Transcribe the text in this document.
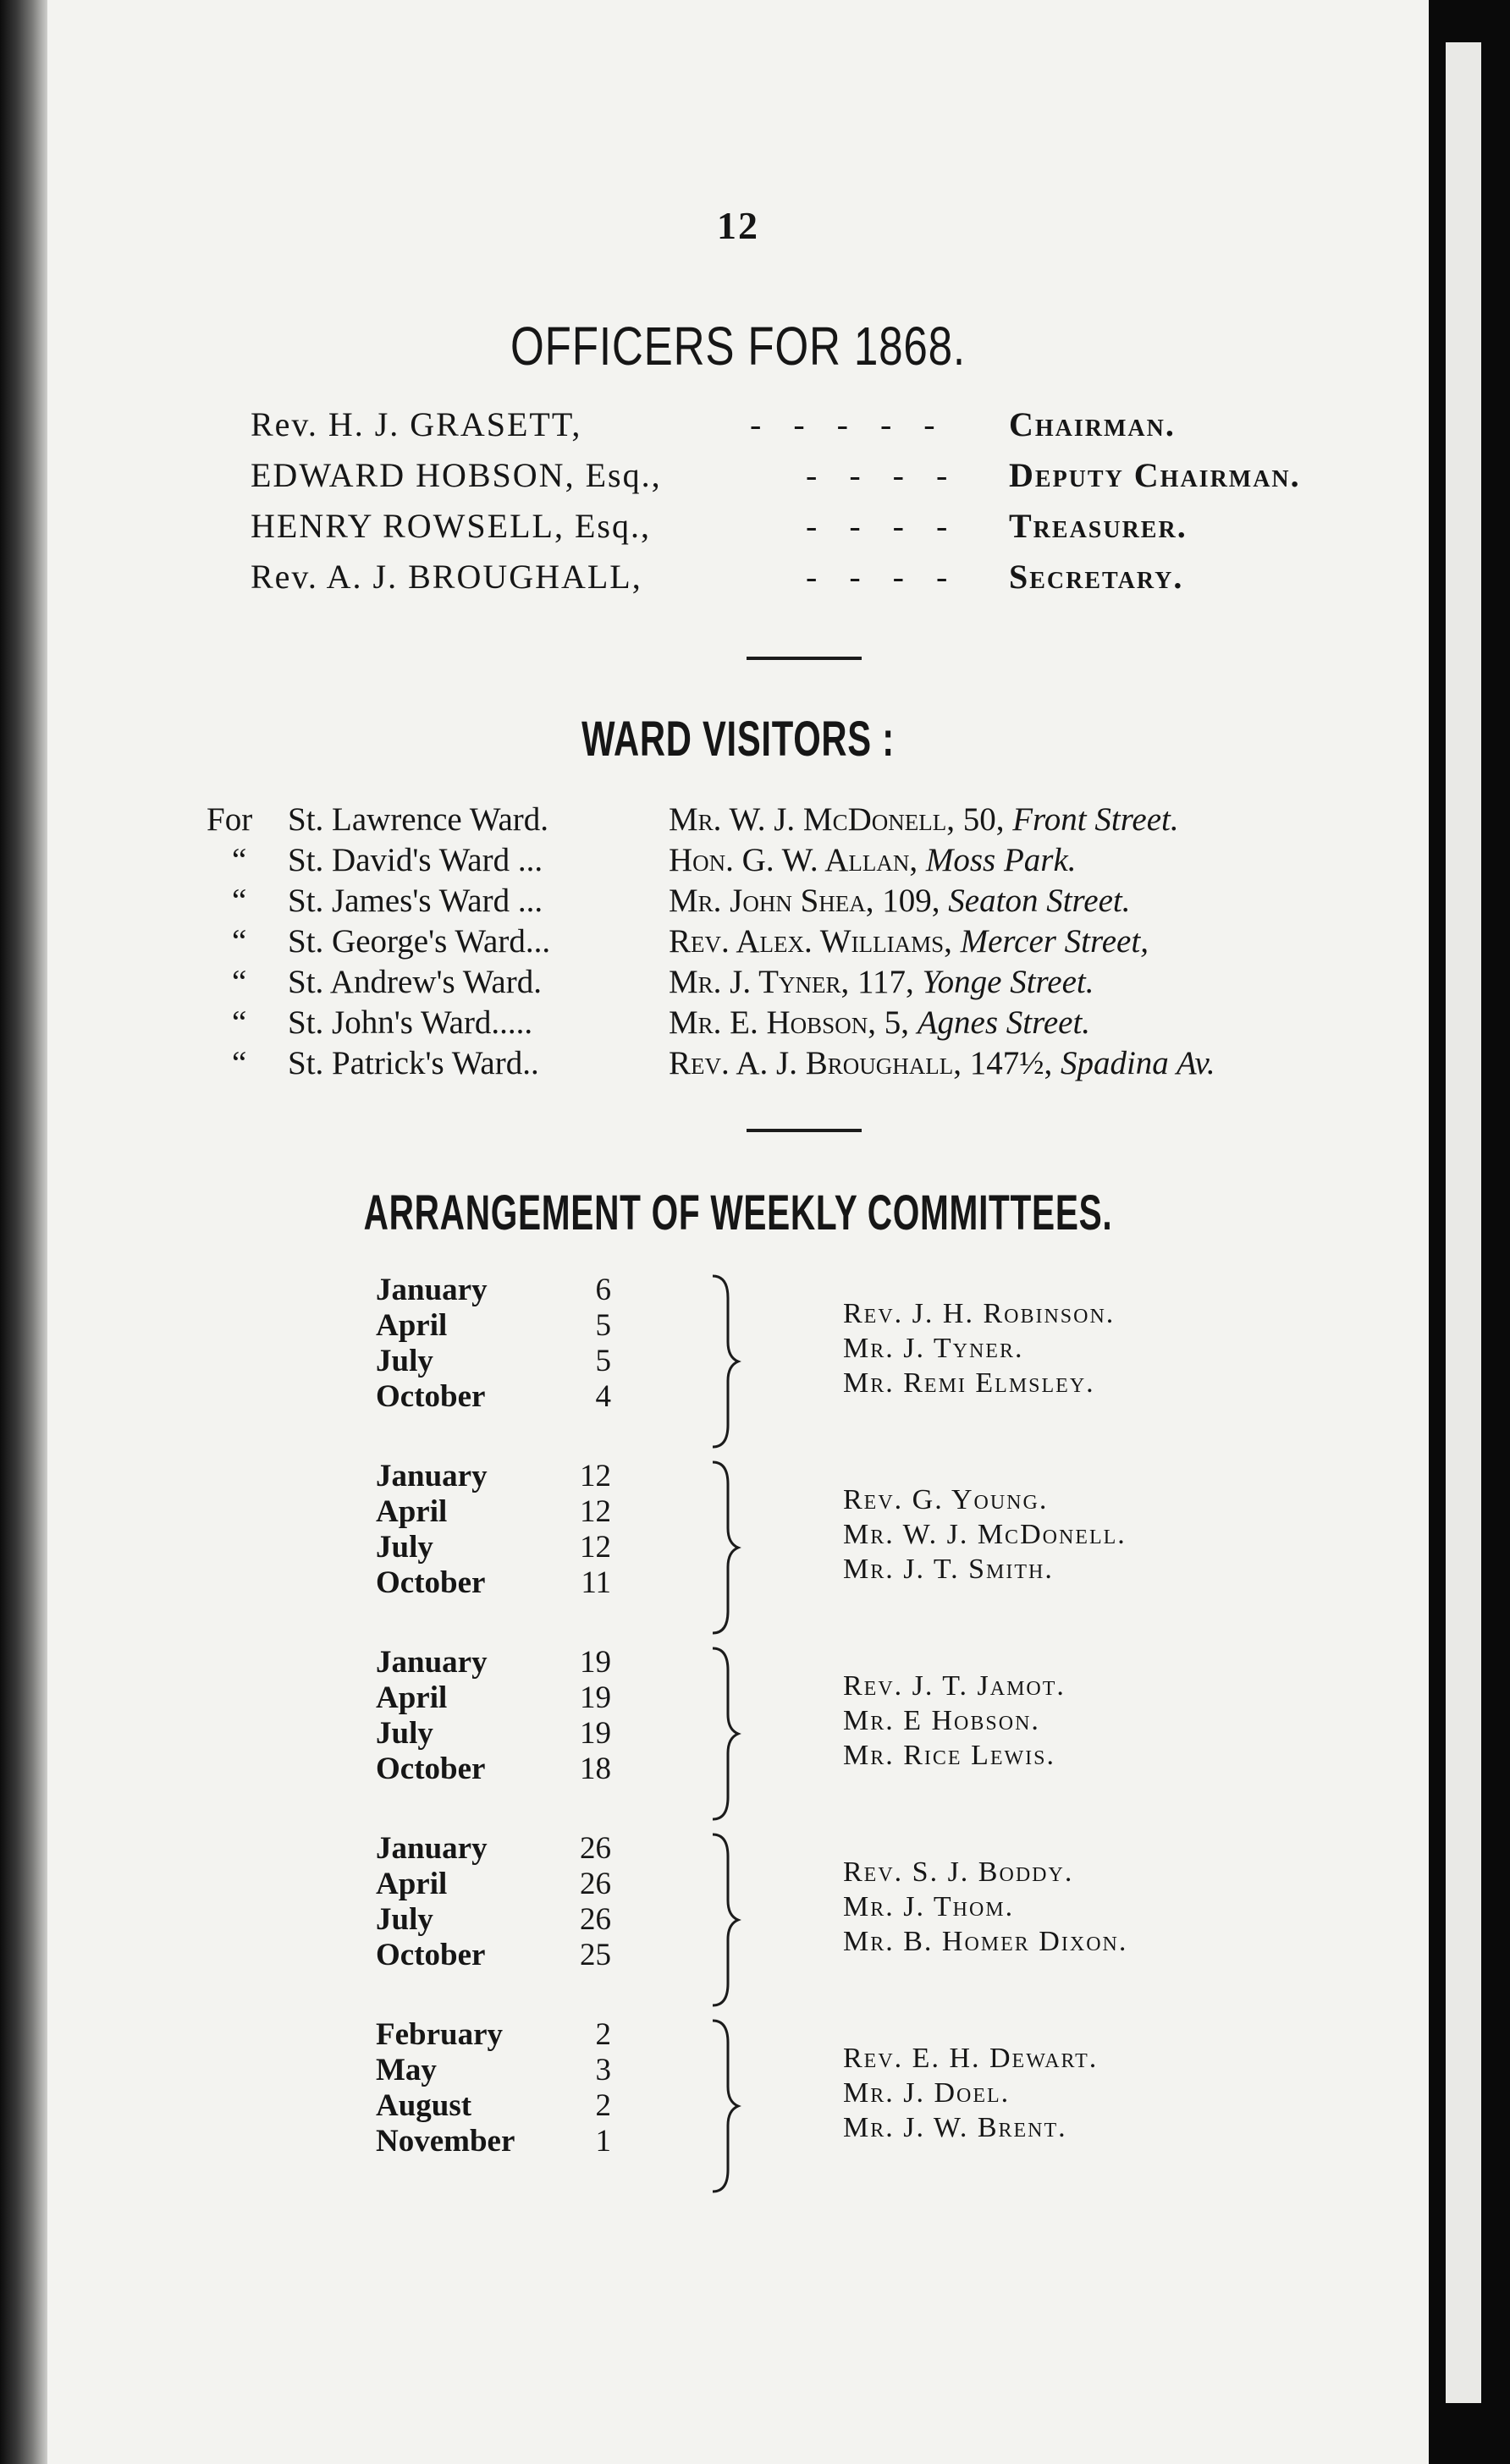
12
OFFICERS FOR 1868.
Rev. H. J. GRASETT,	- - - - - Chairman.
EDWARD HOBSON, Esq.,	- - - - Deputy Chairman.
HENRY ROWSELL, Esq.,	- - - - Treasurer.
Rev. A. J. BROUGHALL,	- - - - Secretary.
WARD VISITORS :
For St. Lawrence Ward.	Mr. W. J. McDonell, 50, Front Street.
“ St. David's Ward ...	Hon. G. W. Allan, Moss Park.
“ St. James's Ward ...	Mr. John Shea, 109, Seaton Street.
“ St. George's Ward...	Rev. Alex. Williams, Mercer Street,
“ St. Andrew's Ward.	Mr. J. Tyner, 117, Yonge Street.
“ St. John's Ward.....	Mr. E. Hobson, 5, Agnes Street.
“ St. Patrick's Ward..	Rev. A. J. Broughall, 147½, Spadina Av.
ARRANGEMENT OF WEEKLY COMMITTEES.
January	6
April	5
July	5
October	4
Rev. J. H. Robinson.
Mr. J. Tyner.
Mr. Remi Elmsley.
January	12
April	12
July	12
October	11
Rev. G. Young.
Mr. W. J. McDonell.
Mr. J. T. Smith.
January	19
April	19
July	19
October	18
Rev. J. T. Jamot.
Mr. E Hobson.
Mr. Rice Lewis.
January	26
April	26
July	26
October	25
Rev. S. J. Boddy.
Mr. J. Thom.
Mr. B. Homer Dixon.
February	2
May	3
August	2
November	1
Rev. E. H. Dewart.
Mr. J. Doel.
Mr. J. W. Brent.
